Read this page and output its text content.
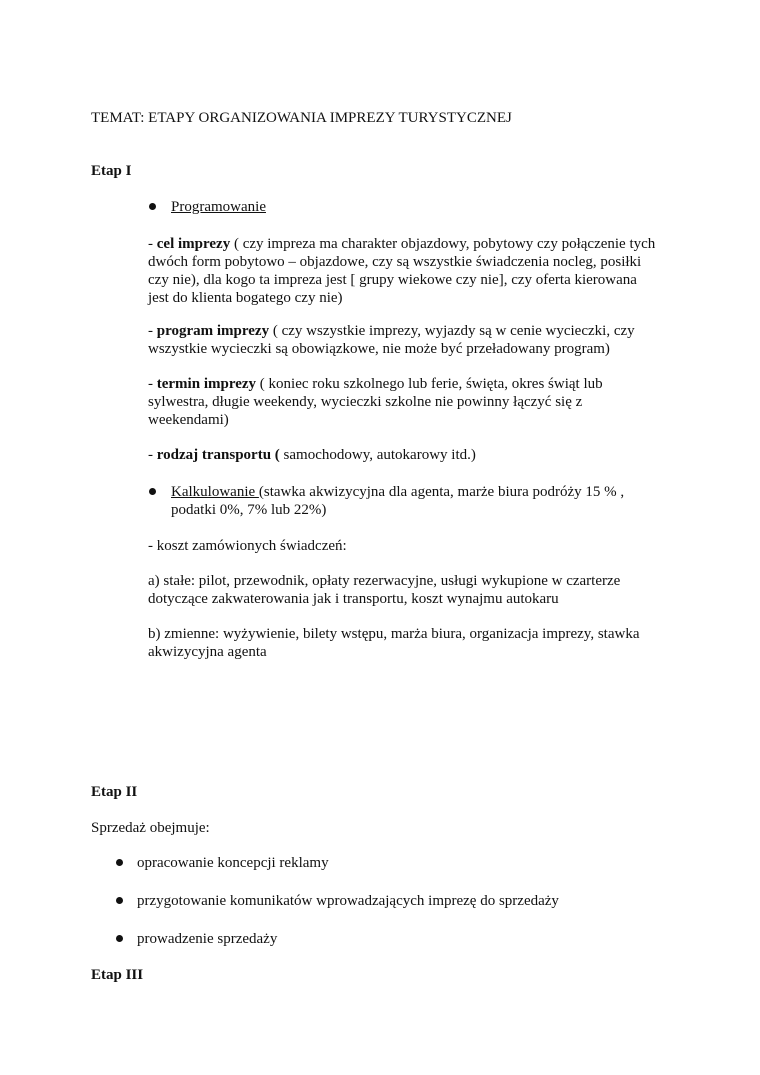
TEMAT: ETAPY ORGANIZOWANIA IMPREZY TURYSTYCZNEJ

Etap I

Programowanie

- cel imprezy ( czy impreza ma charakter objazdowy, pobytowy czy połączenie tych
dwóch form pobytowo – objazdowe, czy są wszystkie świadczenia nocleg, posiłki
czy nie), dla kogo ta impreza jest [ grupy wiekowe czy nie], czy oferta kierowana
jest do klienta bogatego czy nie)
- program imprezy ( czy wszystkie imprezy, wyjazdy są w cenie wycieczki, czy
wszystkie wycieczki są obowiązkowe, nie może być przeładowany program)
- termin imprezy ( koniec roku szkolnego lub ferie, święta, okres świąt lub
sylwestra, długie weekendy, wycieczki szkolne nie powinny łączyć się z
weekendami)
- rodzaj transportu ( samochodowy, autokarowy itd.)
Kalkulowanie (stawka akwizycyjna dla agenta, marże biura podróży 15 % ,
podatki 0%, 7% lub 22%)

- koszt zamówionych świadczeń:

a) stałe: pilot, przewodnik, opłaty rezerwacyjne, usługi wykupione w czarterze
dotyczące zakwaterowania jak i transportu, koszt wynajmu autokaru
b) zmienne: wyżywienie, bilety wstępu, marża biura, organizacja imprezy, stawka
akwizycyjna agenta

Etap II

Sprzedaż obejmuje:

opracowanie koncepcji reklamy

przygotowanie komunikatów wprowadzających imprezę do sprzedaży

prowadzenie sprzedaży

Etap III
